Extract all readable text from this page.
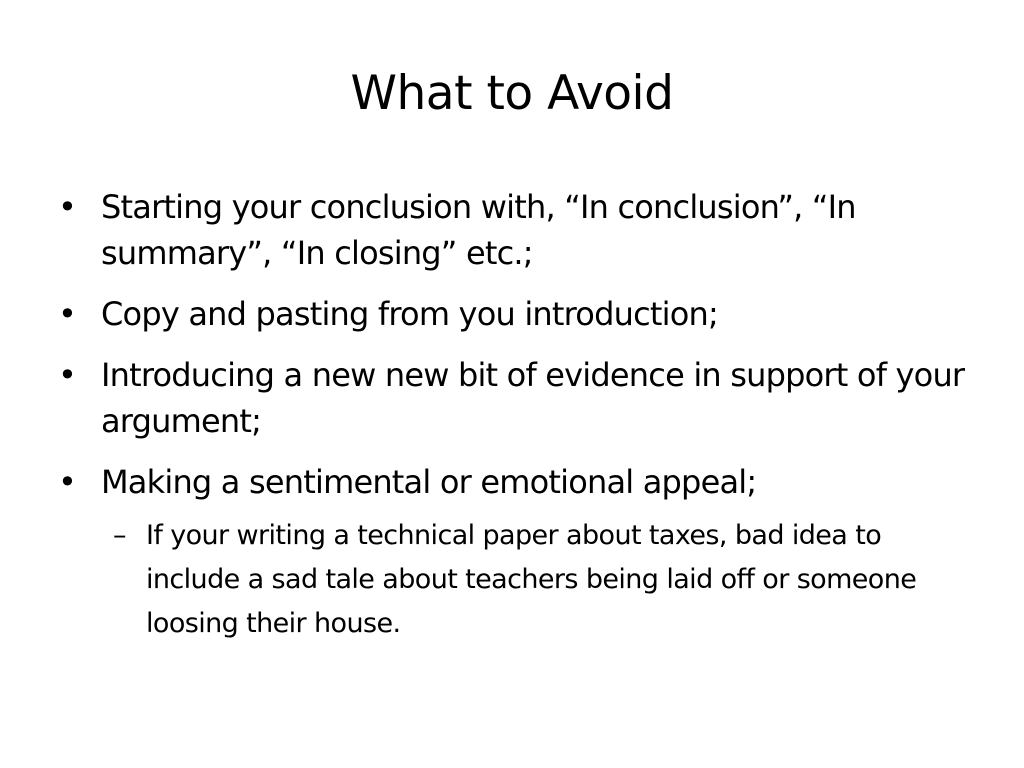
What to Avoid
• Starting your conclusion with, “In conclusion”, “In summary”, “In closing” etc.;
• Copy and pasting from you introduction;
• Introducing a new new bit of evidence in support of your argument;
• Making a sentimental or emotional appeal;
– If your writing a technical paper about taxes, bad idea to include a sad tale about teachers being laid off or someone loosing their house.
